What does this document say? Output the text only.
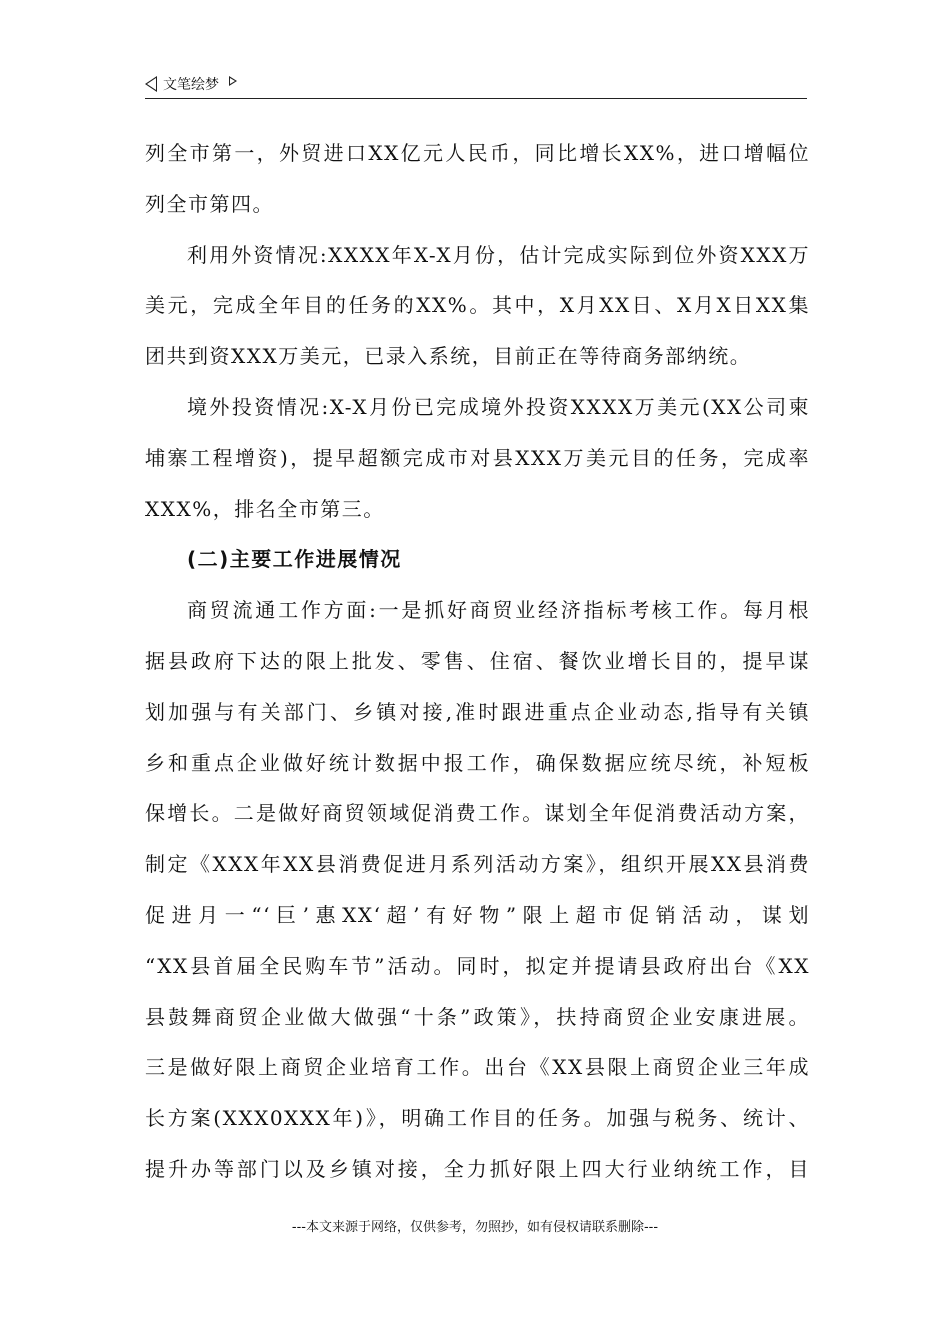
文笔绘梦
列全市第一，外贸进口XX亿元人民币，同比增长XX%，进口增幅位
列全市第四。
利用外资情况:XXXX年X-X月份，估计完成实际到位外资XXX万
美元，完成全年目的任务的XX%。其中，X月XX日、X月X日XX集
团共到资XXX万美元，已录入系统，目前正在等待商务部纳统。
境外投资情况:X-X月份已完成境外投资XXXX万美元(XX公司柬
埔寨工程增资)，提早超额完成市对县XXX万美元目的任务，完成率
XXX%，排名全市第三。
(二)主要工作进展情况
商贸流通工作方面:一是抓好商贸业经济指标考核工作。每月根
据县政府下达的限上批发、零售、住宿、餐饮业增长目的，提早谋
划加强与有关部门、乡镇对接,准时跟进重点企业动态,指导有关镇
乡和重点企业做好统计数据中报工作，确保数据应统尽统，补短板
保增长。二是做好商贸领域促消费工作。谋划全年促消费活动方案，
制定《XXX年XX县消费促进月系列活动方案》，组织开展XX县消费
促进月一“‘巨’惠XX‘超’有好物”限上超市促销活动，谋划
“XX县首届全民购车节”活动。同时，拟定并提请县政府出台《XX
县鼓舞商贸企业做大做强“十条”政策》，扶持商贸企业安康进展。
三是做好限上商贸企业培育工作。出台《XX县限上商贸企业三年成
长方案(XXX0XXX年)》，明确工作目的任务。加强与税务、统计、
提升办等部门以及乡镇对接，全力抓好限上四大行业纳统工作，目
---本文来源于网络，仅供参考，勿照抄，如有侵权请联系删除---
